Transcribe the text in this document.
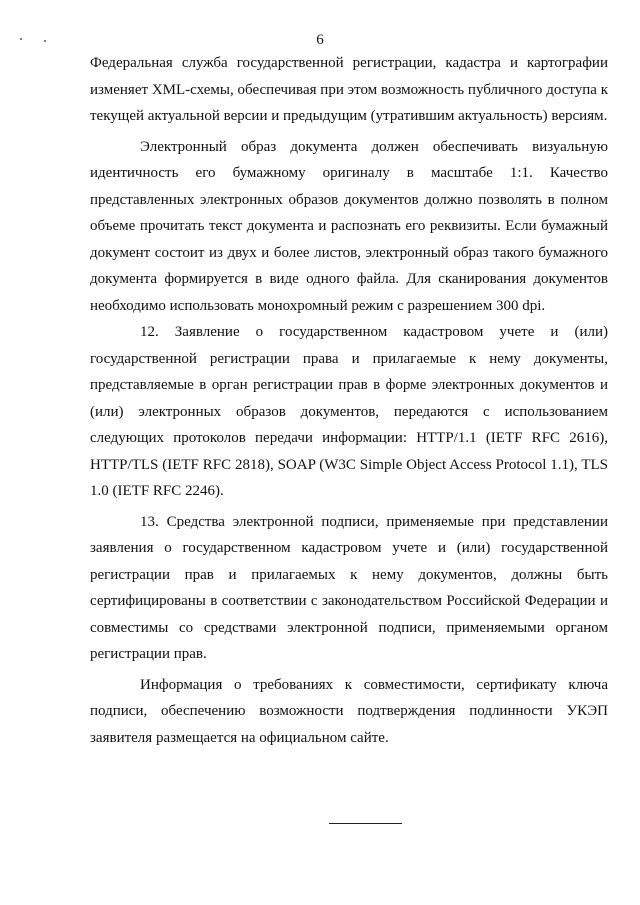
6

Федеральная служба государственной регистрации, кадастра и картографии изменяет XML-схемы, обеспечивая при этом возможность публичного доступа к текущей актуальной версии и предыдущим (утратившим актуальность) версиям.

Электронный образ документа должен обеспечивать визуальную идентичность его бумажному оригиналу в масштабе 1:1. Качество представленных электронных образов документов должно позволять в полном объеме прочитать текст документа и распознать его реквизиты. Если бумажный документ состоит из двух и более листов, электронный образ такого бумажного документа формируется в виде одного файла. Для сканирования документов необходимо использовать монохромный режим с разрешением 300 dpi.

12. Заявление о государственном кадастровом учете и (или) государственной регистрации права и прилагаемые к нему документы, представляемые в орган регистрации прав в форме электронных документов и (или) электронных образов документов, передаются с использованием следующих протоколов передачи информации: HTTP/1.1 (IETF RFC 2616), HTTP/TLS (IETF RFC 2818), SOAP (W3C Simple Object Access Protocol 1.1), TLS 1.0 (IETF RFC 2246).

13. Средства электронной подписи, применяемые при представлении заявления о государственном кадастровом учете и (или) государственной регистрации прав и прилагаемых к нему документов, должны быть сертифицированы в соответствии с законодательством Российской Федерации и совместимы со средствами электронной подписи, применяемыми органом регистрации прав.

Информация о требованиях к совместимости, сертификату ключа подписи, обеспечению возможности подтверждения подлинности УКЭП заявителя размещается на официальном сайте.
